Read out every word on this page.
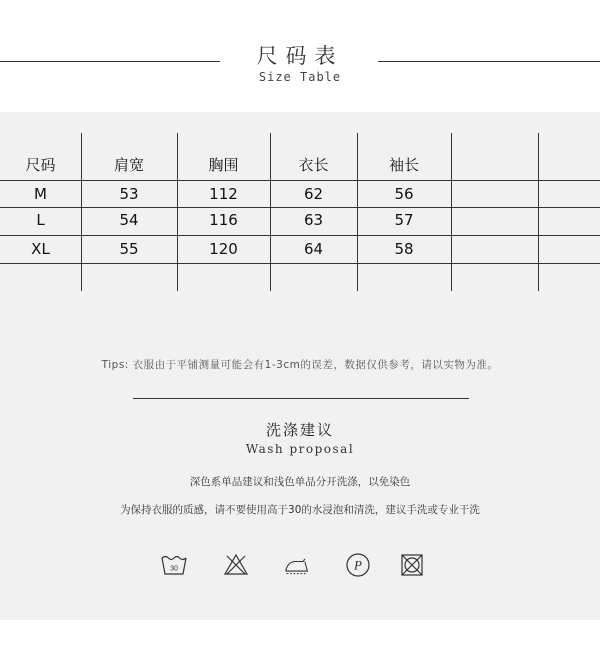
尺码表
Size Table
尺码	肩宽	胸围	衣长	袖长
M	53	112	62	56
L	54	116	63	57
XL	55	120	64	58
Tips: 衣服由于平铺测量可能会有1-3cm的误差，数据仅供参考，请以实物为准。
洗涤建议
Wash proposal
深色系单品建议和浅色单品分开洗涤，以免染色
为保持衣服的质感，请不要使用高于30的水浸泡和清洗，建议手洗或专业干洗
30	P
